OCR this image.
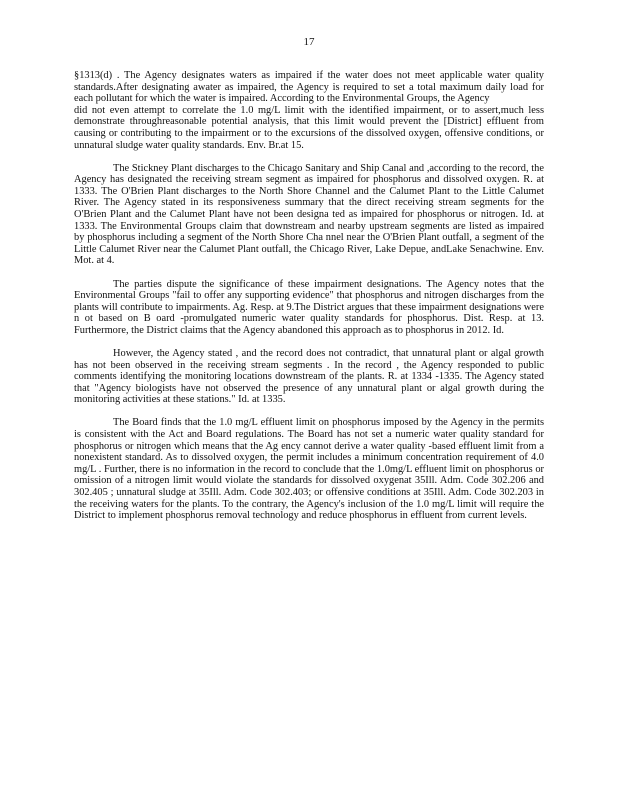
17

§1313(d) . The Agency designates waters as impaired if the water does not meet applicable water quality standards.After designating awater as impaired, the Agency is required to set a total maximum daily load for each pollutant for which the water is impaired. According to the Environmental Groups, the Agency

did not even attempt to correlate the 1.0 mg/L limit with the identified impairment, or to assert,much less demonstrate throughreasonable potential analysis, that this limit would prevent the [District] effluent from causing or contributing to the impairment or to the excursions of the dissolved oxygen, offensive conditions, or unnatural sludge water quality standards. Env. Br.at 15.

The Stickney Plant discharges to the Chicago Sanitary and Ship Canal and ,according to the record, the Agency has designated the receiving stream segment as impaired for phosphorus and dissolved oxygen. R. at 1333. The O'Brien Plant discharges to the North Shore Channel and the Calumet Plant to the Little Calumet River. The Agency stated in its responsiveness summary that the direct receiving stream segments for the O'Brien Plant and the Calumet Plant have not been designa ted as impaired for phosphorus or nitrogen. Id. at 1333. The Environmental Groups claim that downstream and nearby upstream segments are listed as impaired by phosphorus including a segment of the North Shore Cha nnel near the O'Brien Plant outfall, a segment of the Little Calumet River near the Calumet Plant outfall, the Chicago River, Lake Depue, andLake Senachwine. Env. Mot. at 4.

The parties dispute the significance of these impairment designations. The Agency notes that the Environmental Groups "fail to offer any supporting evidence" that phosphorus and nitrogen discharges from the plants will contribute to impairments. Ag. Resp. at 9.The District argues that these impairment designations were n ot based on B oard -promulgated numeric water quality standards for phosphorus. Dist. Resp. at 13. Furthermore, the District claims that the Agency abandoned this approach as to phosphorus in 2012. Id.

However, the Agency stated , and the record does not contradict, that unnatural plant or algal growth has not been observed in the receiving stream segments . In the record , the Agency responded to public comments identifying the monitoring locations downstream of the plants. R. at 1334 -1335. The Agency stated that "Agency biologists have not observed the presence of any unnatural plant or algal growth during the monitoring activities at these stations." Id. at 1335.

The Board finds that the 1.0 mg/L effluent limit on phosphorus imposed by the Agency in the permits is consistent with the Act and Board regulations. The Board has not set a numeric water quality standard for phosphorus or nitrogen which means that the Ag ency cannot derive a water quality -based effluent limit from a nonexistent standard. As to dissolved oxygen, the permit includes a minimum concentration requirement of 4.0 mg/L . Further, there is no information in the record to conclude that the 1.0mg/L effluent limit on phosphorus or omission of a nitrogen limit would violate the standards for dissolved oxygenat 35Ill. Adm. Code 302.206 and 302.405 ; unnatural sludge at 35Ill. Adm. Code 302.403; or offensive conditions at 35Ill. Adm. Code 302.203 in the receiving waters for the plants. To the contrary, the Agency's inclusion of the 1.0 mg/L limit will require the District to implement phosphorus removal technology and reduce phosphorus in effluent from current levels.
